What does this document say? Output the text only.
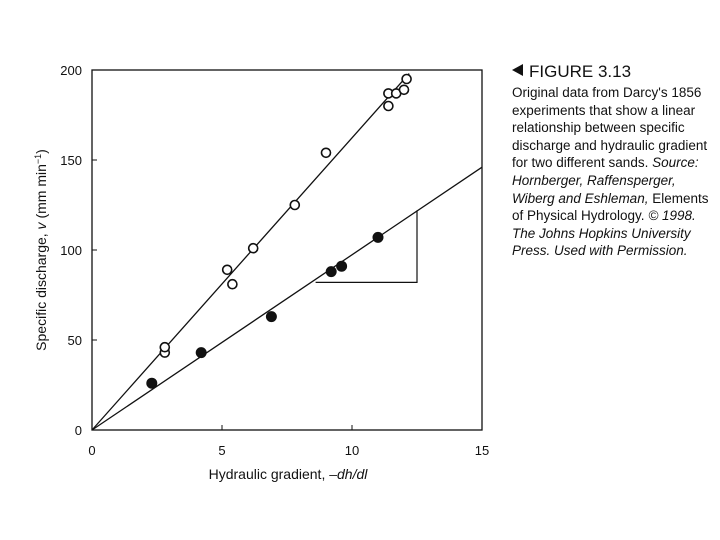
0	5	10	15
0
50
100
150
200
Hydraulic gradient, –dh/dl
Specific discharge, v (mm $\min^{-1}$)
FIGURE 3.13
Original data from Darcy's 1856 experiments that show a linear relationship between specific discharge and hydraulic gradient for two different sands. Source: Hornberger, Raffensperger, Wiberg and Eshleman, Elements of Physical Hydrology. © 1998. The Johns Hopkins University Press. Used with Permission.
